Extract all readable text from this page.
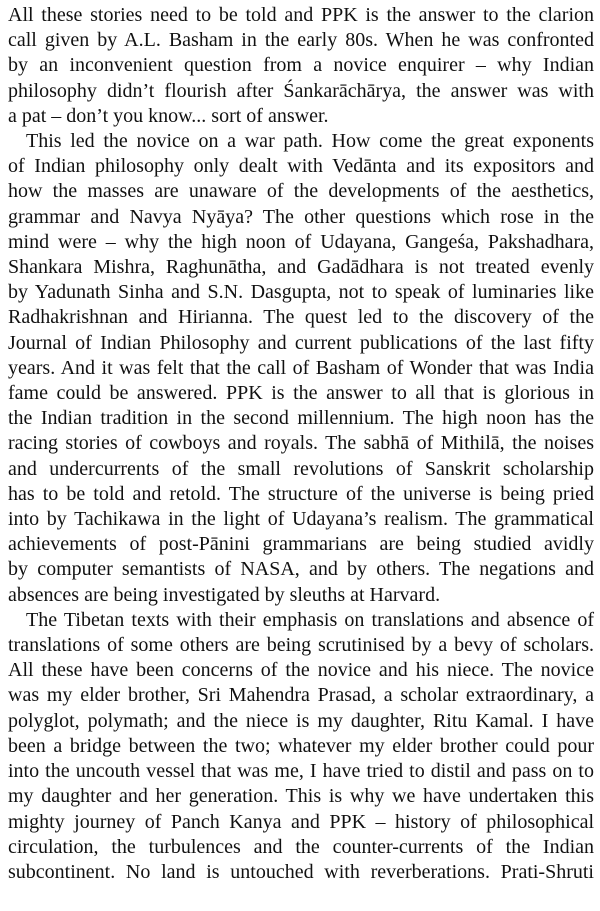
All these stories need to be told and PPK is the answer to the clarion
call given by A.L. Basham in the early 80s. When he was confronted
by an inconvenient question from a novice enquirer – why Indian
philosophy didn’t flourish after Śankarāchārya, the answer was with
a pat – don’t you know... sort of answer.

This led the novice on a war path. How come the great exponents
of Indian philosophy only dealt with Vedānta and its expositors and
how the masses are unaware of the developments of the aesthetics,
grammar and Navya Nyāya? The other questions which rose in the
mind were – why the high noon of Udayana, Gangeśa, Pakshadhara,
Shankara Mishra, Raghunātha, and Gadādhara is not treated evenly
by Yadunath Sinha and S.N. Dasgupta, not to speak of luminaries like
Radhakrishnan and Hirianna. The quest led to the discovery of the
Journal of Indian Philosophy and current publications of the last fifty
years. And it was felt that the call of Basham of Wonder that was India
fame could be answered. PPK is the answer to all that is glorious in
the Indian tradition in the second millennium. The high noon has the
racing stories of cowboys and royals. The sabhā of Mithilā, the noises
and undercurrents of the small revolutions of Sanskrit scholarship
has to be told and retold. The structure of the universe is being pried
into by Tachikawa in the light of Udayana’s realism. The grammatical
achievements of post-Pānini grammarians are being studied avidly
by computer semantists of NASA, and by others. The negations and
absences are being investigated by sleuths at Harvard.

The Tibetan texts with their emphasis on translations and absence of
translations of some others are being scrutinised by a bevy of scholars.
All these have been concerns of the novice and his niece. The novice
was my elder brother, Sri Mahendra Prasad, a scholar extraordinary, a
polyglot, polymath; and the niece is my daughter, Ritu Kamal. I have
been a bridge between the two; whatever my elder brother could pour
into the uncouth vessel that was me, I have tried to distil and pass on to
my daughter and her generation. This is why we have undertaken this
mighty journey of Panch Kanya and PPK – history of philosophical
circulation, the turbulences and the counter-currents of the Indian
subcontinent. No land is untouched with reverberations. Prati-Shruti
